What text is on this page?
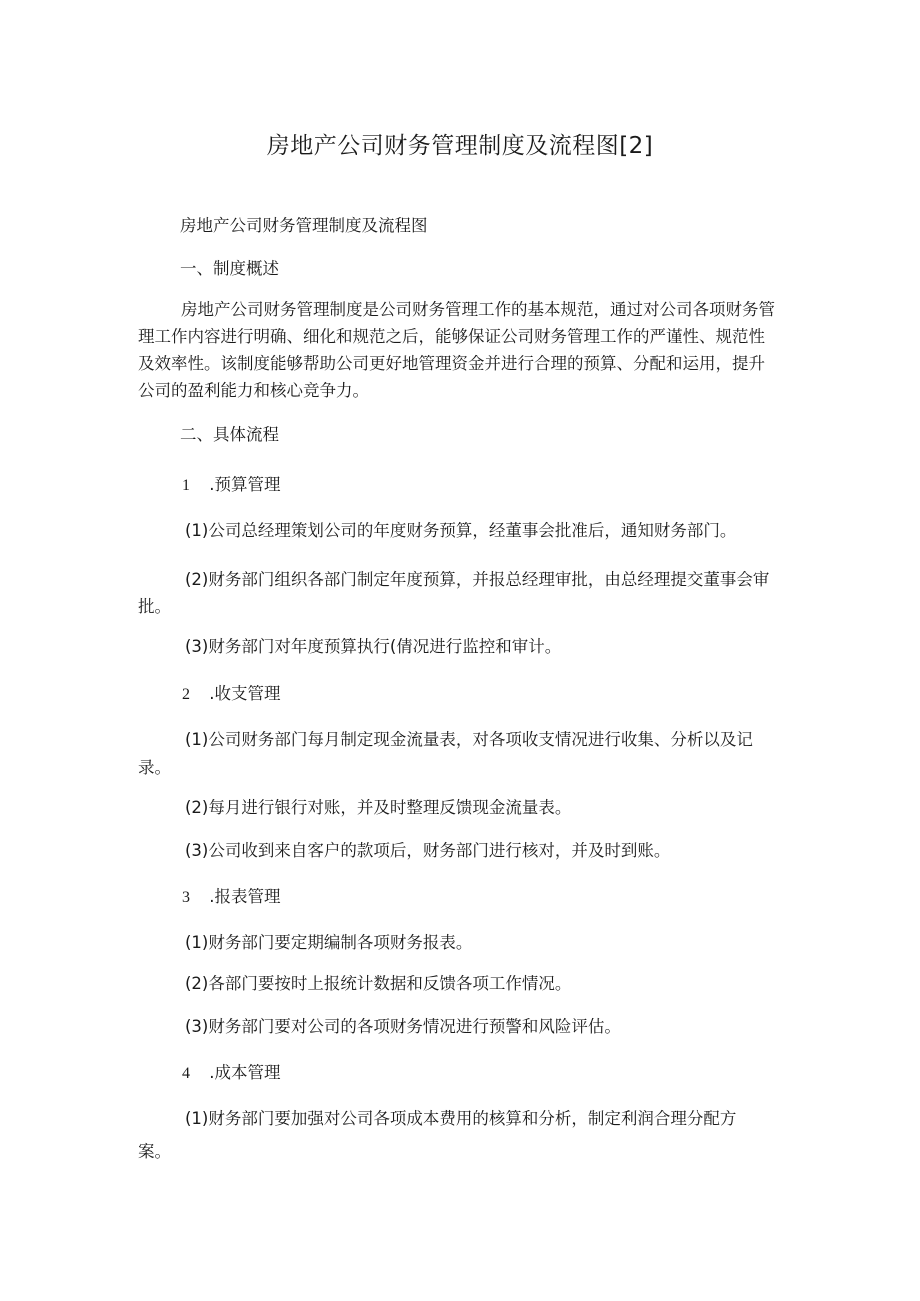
房地产公司财务管理制度及流程图[2]

房地产公司财务管理制度及流程图

一、制度概述

房地产公司财务管理制度是公司财务管理工作的基本规范，通过对公司各项财务管
理工作内容进行明确、细化和规范之后，能够保证公司财务管理工作的严谨性、规范性
及效率性。该制度能够帮助公司更好地管理资金并进行合理的预算、分配和运用，提升
公司的盈利能力和核心竞争力。

二、具体流程

1 .预算管理

(1)公司总经理策划公司的年度财务预算，经董事会批准后，通知财务部门。

(2)财务部门组织各部门制定年度预算，并报总经理审批，由总经理提交董事会审

批。

(3)财务部门对年度预算执行(倩况进行监控和审计。

2 .收支管理

(1)公司财务部门每月制定现金流量表，对各项收支情况进行收集、分析以及记

录。

(2)每月进行银行对账，并及时整理反馈现金流量表。

(3)公司收到来自客户的款项后，财务部门进行核对，并及时到账。

3 .报表管理

(1)财务部门要定期编制各项财务报表。

(2)各部门要按时上报统计数据和反馈各项工作情况。

(3)财务部门要对公司的各项财务情况进行预警和风险评估。

4 .成本管理

(1)财务部门要加强对公司各项成本费用的核算和分析，制定利润合理分配方

案。
